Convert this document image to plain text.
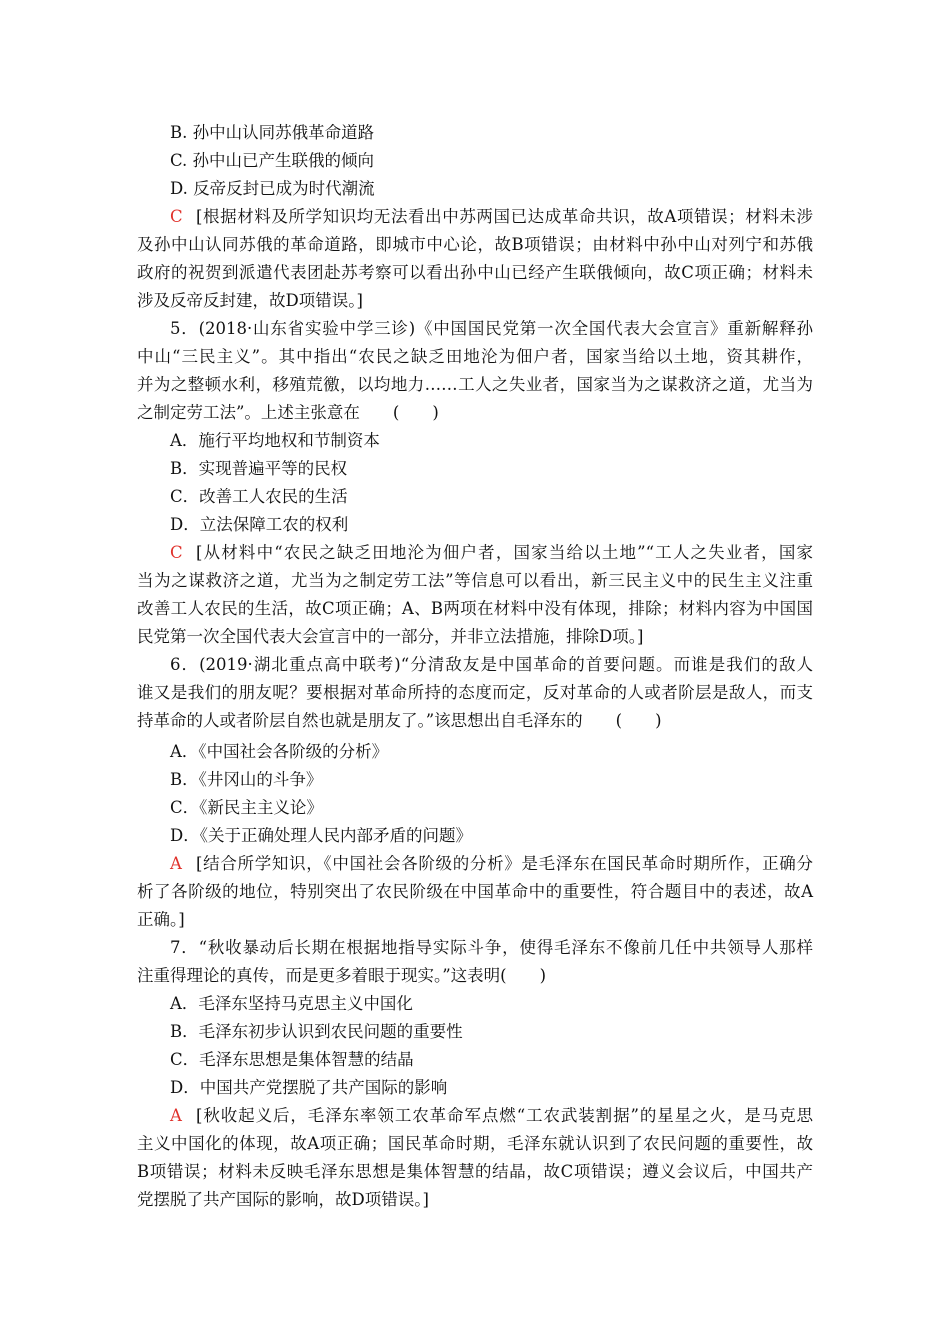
B. 孙中山认同苏俄革命道路
C. 孙中山已产生联俄的倾向
D. 反帝反封已成为时代潮流
C [根据材料及所学知识均无法看出中苏两国已达成革命共识，故A项错误；材料未涉
及孙中山认同苏俄的革命道路，即城市中心论，故B项错误；由材料中孙中山对列宁和苏俄
政府的祝贺到派遣代表团赴苏考察可以看出孙中山已经产生联俄倾向，故C项正确；材料未
涉及反帝反封建，故D项错误。]
5．(2018·山东省实验中学三诊)《中国国民党第一次全国代表大会宣言》重新解释孙
中山“三民主义”。其中指出“农民之缺乏田地沦为佃户者，国家当给以土地，资其耕作，
并为之整顿水利，移殖荒徼，以均地力……工人之失业者，国家当为之谋救济之道，尤当为
之制定劳工法”。上述主张意在　　(　　)
A．施行平均地权和节制资本
B．实现普遍平等的民权
C．改善工人农民的生活
D．立法保障工农的权利
C [从材料中“农民之缺乏田地沦为佃户者，国家当给以土地”“工人之失业者，国家
当为之谋救济之道，尤当为之制定劳工法”等信息可以看出，新三民主义中的民生主义注重
改善工人农民的生活，故C项正确；A、B两项在材料中没有体现，排除；材料内容为中国国
民党第一次全国代表大会宣言中的一部分，并非立法措施，排除D项。]
6．(2019·湖北重点高中联考)“分清敌友是中国革命的首要问题。而谁是我们的敌人
谁又是我们的朋友呢？要根据对革命所持的态度而定，反对革命的人或者阶层是敌人，而支
持革命的人或者阶层自然也就是朋友了。”该思想出自毛泽东的　　(　　)
A．《中国社会各阶级的分析》
B．《井冈山的斗争》
C．《新民主主义论》
D．《关于正确处理人民内部矛盾的问题》
A [结合所学知识，《中国社会各阶级的分析》是毛泽东在国民革命时期所作，正确分
析了各阶级的地位，特别突出了农民阶级在中国革命中的重要性，符合题目中的表述，故A
正确。]
7．“秋收暴动后长期在根据地指导实际斗争，使得毛泽东不像前几任中共领导人那样
注重得理论的真传，而是更多着眼于现实。”这表明(　　)
A．毛泽东坚持马克思主义中国化
B．毛泽东初步认识到农民问题的重要性
C．毛泽东思想是集体智慧的结晶
D．中国共产党摆脱了共产国际的影响
A [秋收起义后，毛泽东率领工农革命军点燃“工农武装割据”的星星之火，是马克思
主义中国化的体现，故A项正确；国民革命时期，毛泽东就认识到了农民问题的重要性，故
B项错误；材料未反映毛泽东思想是集体智慧的结晶，故C项错误；遵义会议后，中国共产
党摆脱了共产国际的影响，故D项错误。]
